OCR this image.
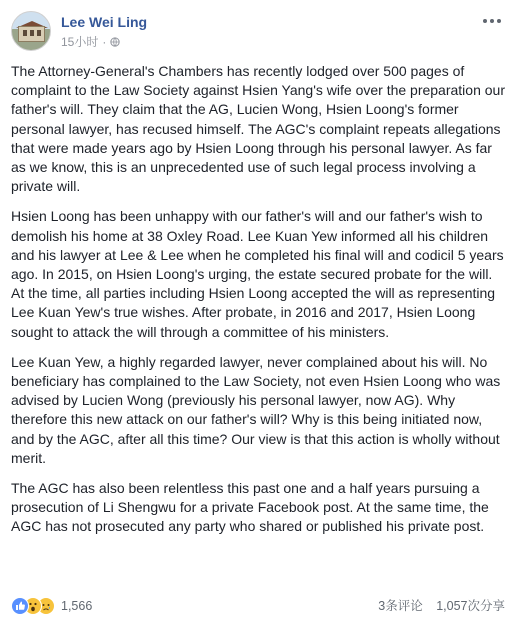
Lee Wei Ling
15小时 ·

The Attorney-General's Chambers has recently lodged over 500 pages of complaint to the Law Society against Hsien Yang's wife over the preparation our father's will. They claim that the AG, Lucien Wong, Hsien Loong's former personal lawyer, has recused himself. The AGC's complaint repeats allegations that were made years ago by Hsien Loong through his personal lawyer. As far as we know, this is an unprecedented use of such legal process involving a private will.

Hsien Loong has been unhappy with our father's will and our father's wish to demolish his home at 38 Oxley Road. Lee Kuan Yew informed all his children and his lawyer at Lee & Lee when he completed his final will and codicil 5 years ago. In 2015, on Hsien Loong's urging, the estate secured probate for the will. At the time, all parties including Hsien Loong accepted the will as representing Lee Kuan Yew's true wishes. After probate, in 2016 and 2017, Hsien Loong sought to attack the will through a committee of his ministers.

Lee Kuan Yew, a highly regarded lawyer, never complained about his will. No beneficiary has complained to the Law Society, not even Hsien Loong who was advised by Lucien Wong (previously his personal lawyer, now AG). Why therefore this new attack on our father's will? Why is this being initiated now, and by the AGC, after all this time? Our view is that this action is wholly without merit.

The AGC has also been relentless this past one and a half years pursuing a prosecution of Li Shengwu for a private Facebook post. At the same time, the AGC has not prosecuted any party who shared or published his private post.

1,566	3条评论 1,057次分享
